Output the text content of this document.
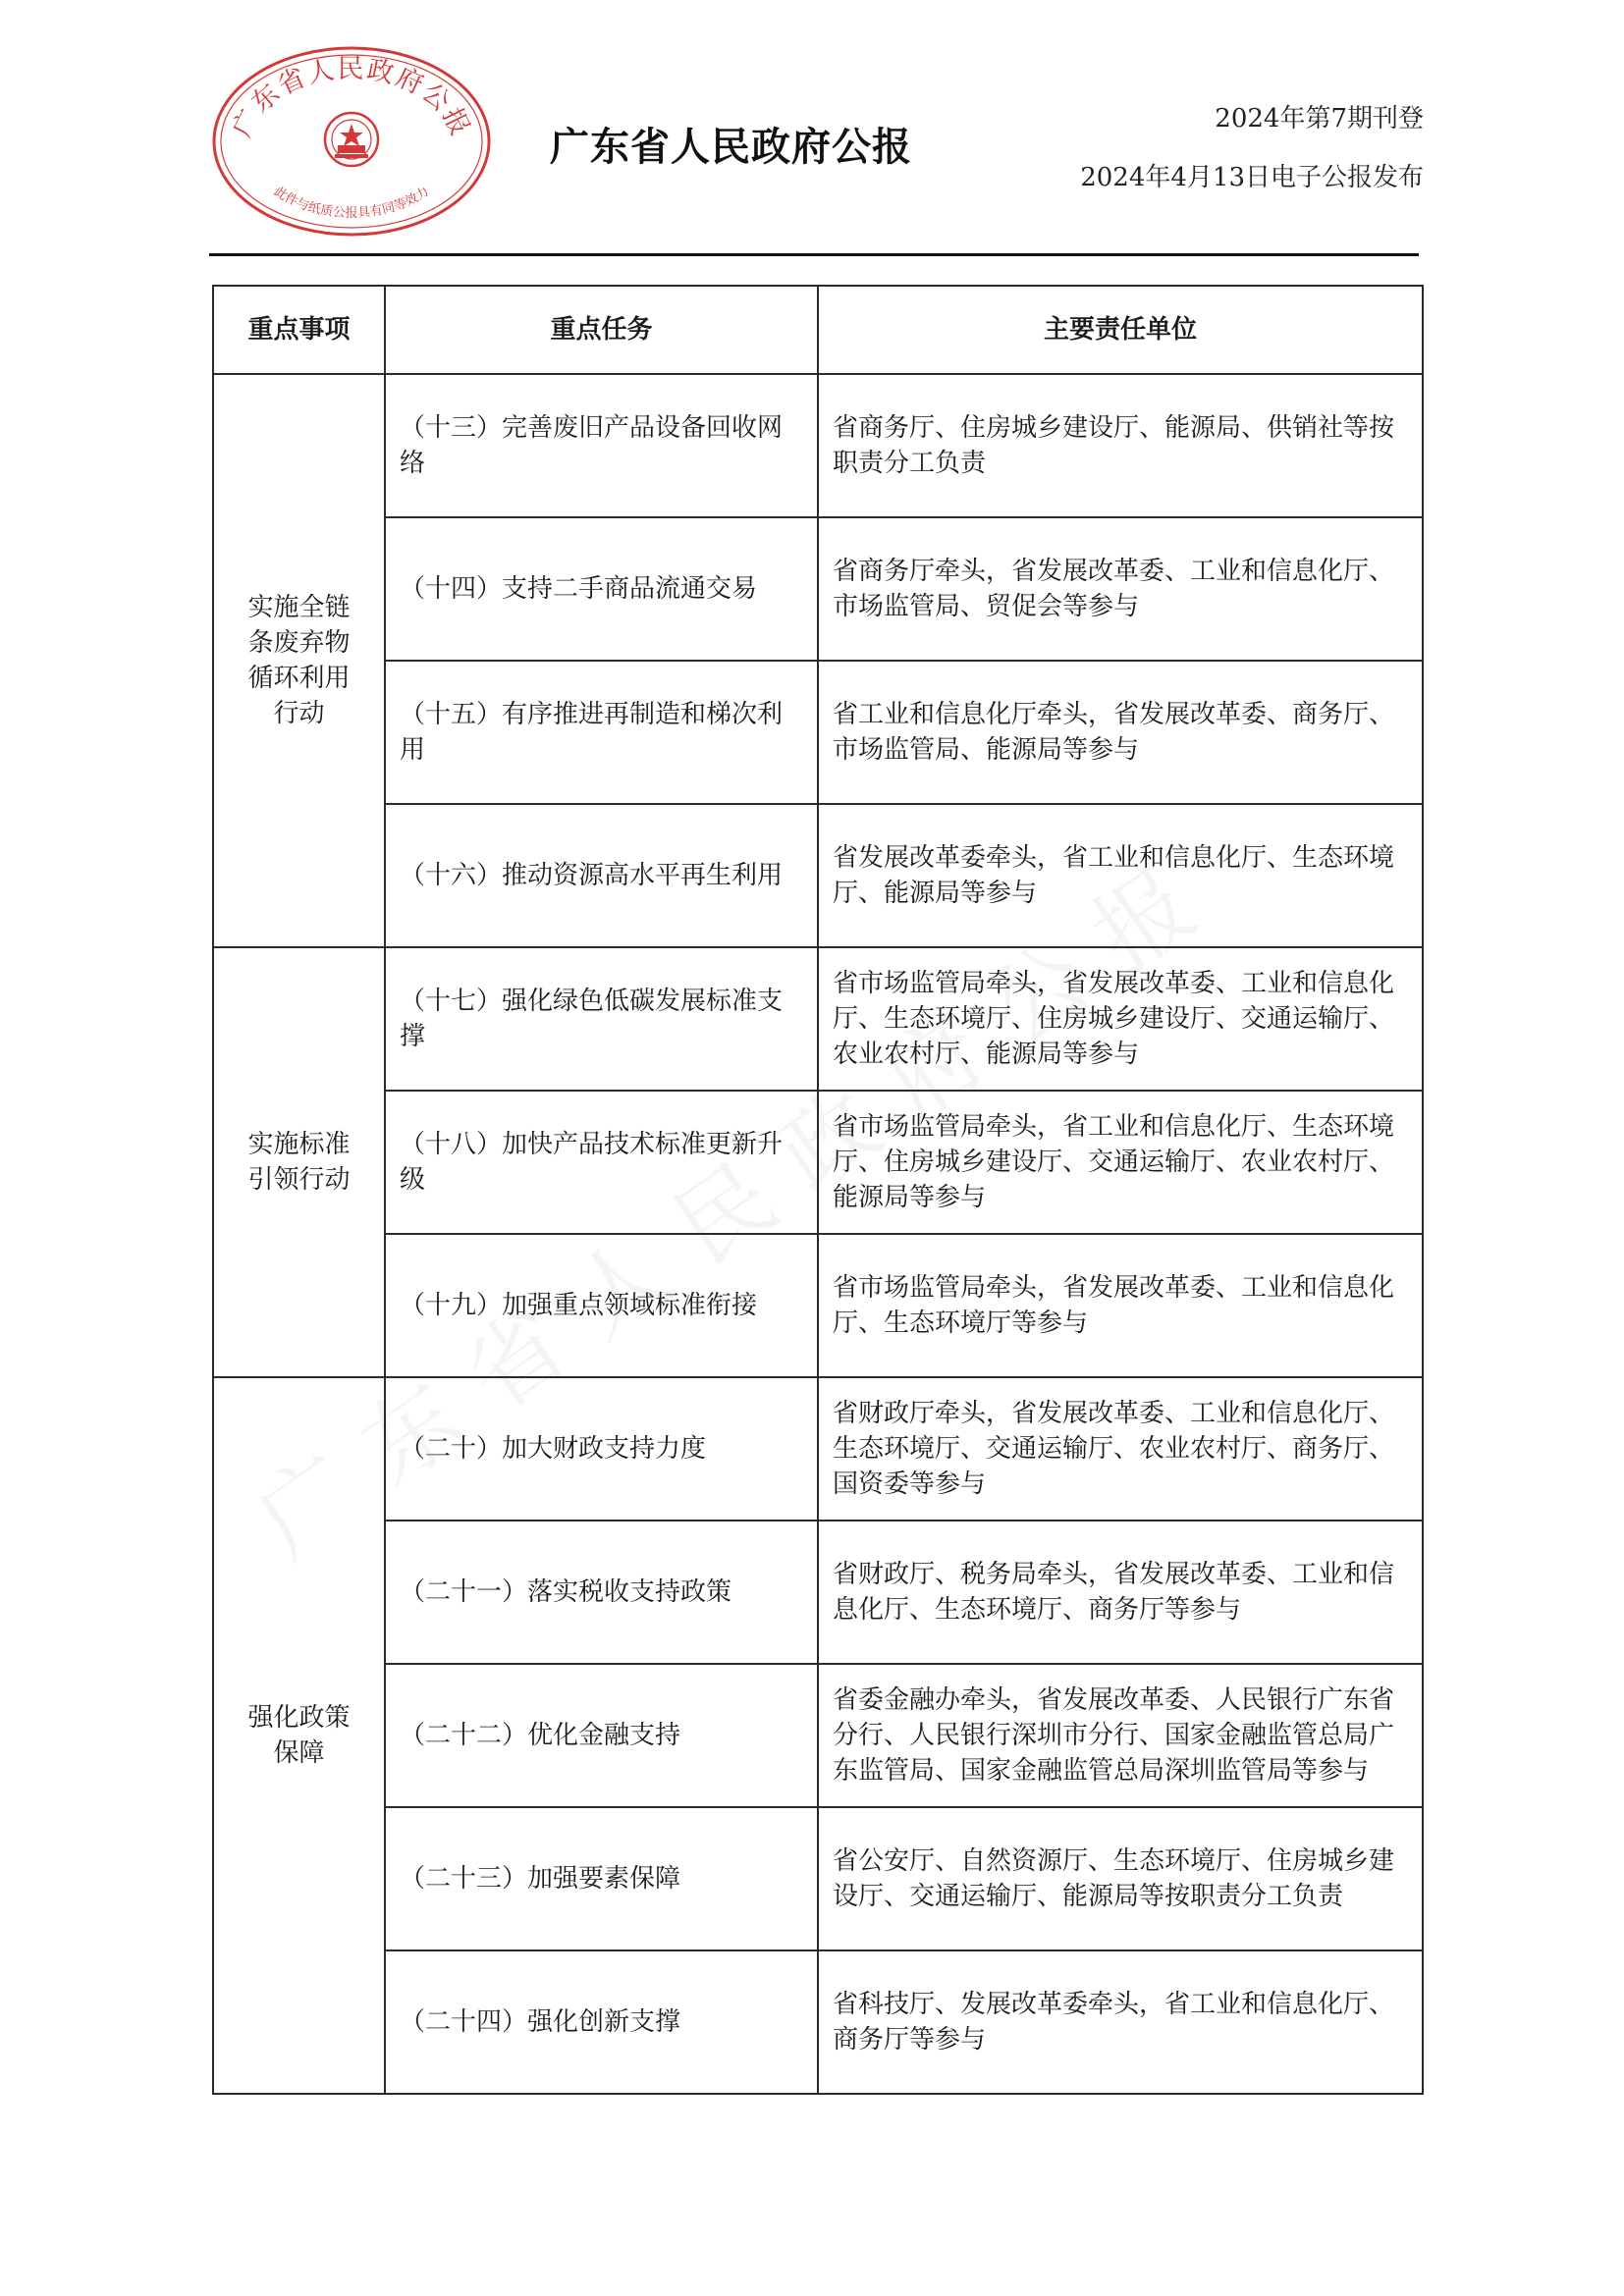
广东省人民政府公报
此件与纸质公报具有同等效力
广东省人民政府公报
2024年第7期刊登
2024年4月13日电子公报发布
重点事项	重点任务	主要责任单位
实施全链条废弃物循环利用行动	（十三）完善废旧产品设备回收网络	省商务厅、住房城乡建设厅、能源局、供销社等按职责分工负责
	（十四）支持二手商品流通交易	省商务厅牵头，省发展改革委、工业和信息化厅、市场监管局、贸促会等参与
	（十五）有序推进再制造和梯次利用	省工业和信息化厅牵头，省发展改革委、商务厅、市场监管局、能源局等参与
	（十六）推动资源高水平再生利用	省发展改革委牵头，省工业和信息化厅、生态环境厅、能源局等参与
实施标准引领行动	（十七）强化绿色低碳发展标准支撑	省市场监管局牵头，省发展改革委、工业和信息化厅、生态环境厅、住房城乡建设厅、交通运输厅、农业农村厅、能源局等参与
	（十八）加快产品技术标准更新升级	省市场监管局牵头，省工业和信息化厅、生态环境厅、住房城乡建设厅、交通运输厅、农业农村厅、能源局等参与
	（十九）加强重点领域标准衔接	省市场监管局牵头，省发展改革委、工业和信息化厅、生态环境厅等参与
强化政策保障	（二十）加大财政支持力度	省财政厅牵头，省发展改革委、工业和信息化厅、生态环境厅、交通运输厅、农业农村厅、商务厅、国资委等参与
	（二十一）落实税收支持政策	省财政厅、税务局牵头，省发展改革委、工业和信息化厅、生态环境厅、商务厅等参与
	（二十二）优化金融支持	省委金融办牵头，省发展改革委、人民银行广东省分行、人民银行深圳市分行、国家金融监管总局广东监管局、国家金融监管总局深圳监管局等参与
	（二十三）加强要素保障	省公安厅、自然资源厅、生态环境厅、住房城乡建设厅、交通运输厅、能源局等按职责分工负责
	（二十四）强化创新支撑	省科技厅、发展改革委牵头，省工业和信息化厅、商务厅等参与
